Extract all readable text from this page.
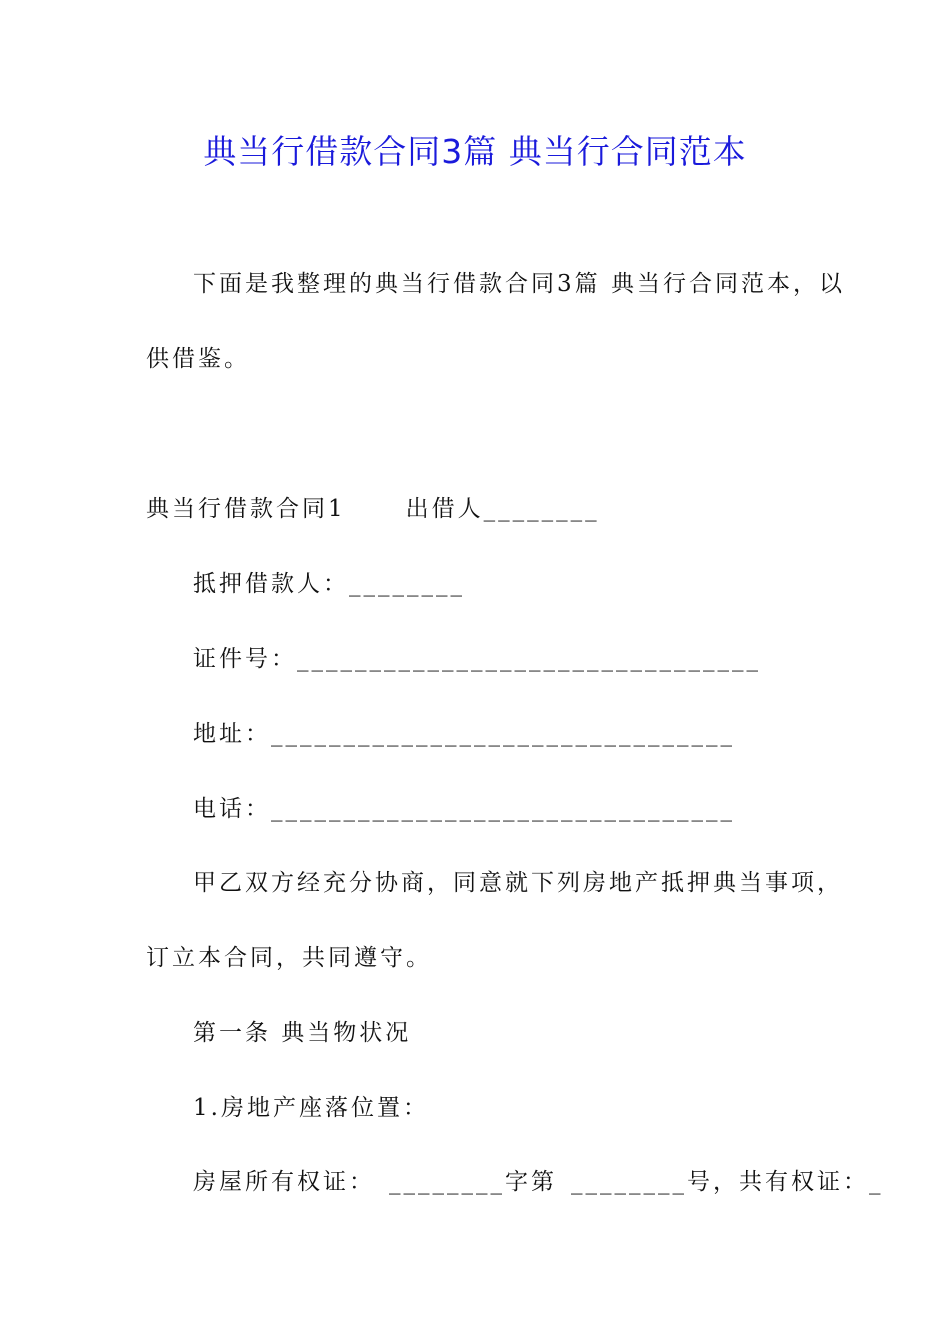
典当行借款合同3篇 典当行合同范本
下面是我整理的典当行借款合同3篇 典当行合同范本，以
供借鉴。
典当行借款合同1	出借人________
抵押借款人：________
证件号：________________________________
地址：________________________________
电话：________________________________
甲乙双方经充分协商，同意就下列房地产抵押典当事项，
订立本合同，共同遵守。
第一条 典当物状况
1.房地产座落位置：
房屋所有权证： ________字第 ________号，共有权证：_
